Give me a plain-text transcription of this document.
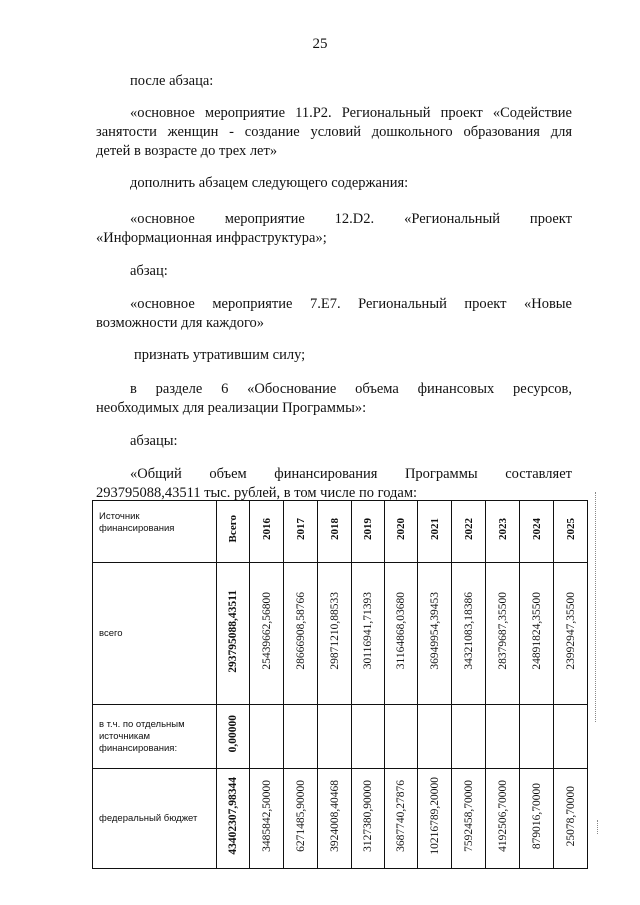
25
после абзаца:
«основное мероприятие 11.P2. Региональный проект «Содействие
занятости женщин - создание условий дошкольного образования для
детей в возрасте до трех лет»
дополнить абзацем следующего содержания:
«основное мероприятие 12.D2. «Региональный проект
«Информационная инфраструктура»;
абзац:
«основное мероприятие 7.E7. Региональный проект «Новые
возможности для каждого»
признать утратившим силу;
в разделе 6 «Обоснование объема финансовых ресурсов,
необходимых для реализации Программы»:
абзацы:
«Общий объем финансирования Программы составляет
293795088,43511 тыс. рублей, в том числе по годам:
Источник финансирования	Всего	2016	2017	2018	2019	2020	2021	2022	2023	2024	2025
всего	293795088,43511	25439662,56800	28666908,58766	29871210,88533	30116941,71393	31164868,03680	36949954,39453	34321083,18386	28379687,35500	24891824,35500	23992947,35500
в т.ч. по отдельным источникам финансирования:	0,00000										
федеральный бюджет	43402307,98344	3485842,50000	6271485,90000	3924008,40468	3127380,90000	3687740,27876	10216789,20000	7592458,70000	4192506,70000	879016,70000	25078,70000
